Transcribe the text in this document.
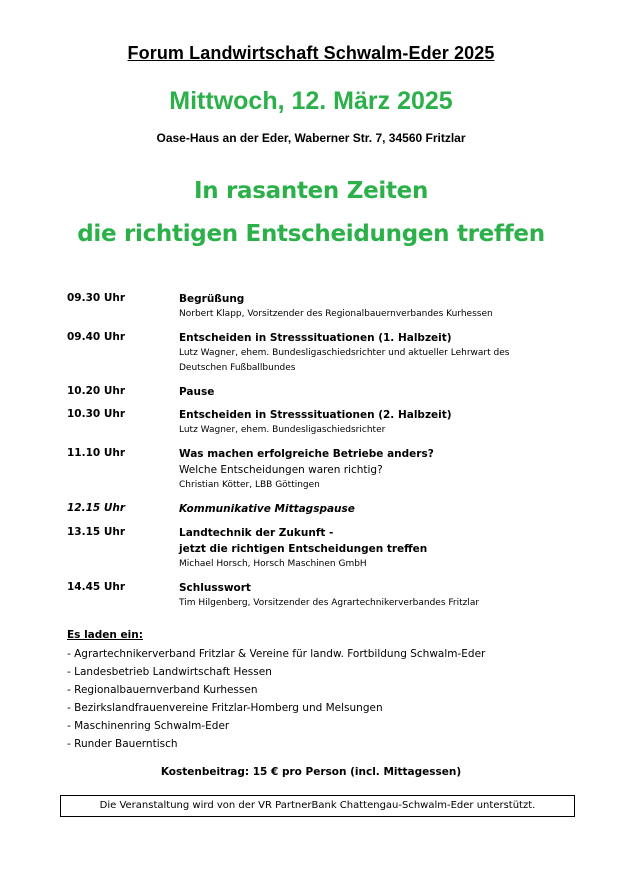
Forum Landwirtschaft Schwalm-Eder 2025
Mittwoch, 12. März 2025
Oase-Haus an der Eder, Waberner Str. 7, 34560 Fritzlar
In rasanten Zeiten
die richtigen Entscheidungen treffen
09.30 Uhr	Begrüßung
Norbert Klapp, Vorsitzender des Regionalbauernverbandes Kurhessen
09.40 Uhr	Entscheiden in Stresssituationen (1. Halbzeit)
Lutz Wagner, ehem. Bundesligaschiedsrichter und aktueller Lehrwart des
Deutschen Fußballbundes
10.20 Uhr	Pause
10.30 Uhr	Entscheiden in Stresssituationen (2. Halbzeit)
Lutz Wagner, ehem. Bundesligaschiedsrichter
11.10 Uhr	Was machen erfolgreiche Betriebe anders?
Welche Entscheidungen waren richtig?
Christian Kötter, LBB Göttingen
12.15 Uhr	Kommunikative Mittagspause
13.15 Uhr	Landtechnik der Zukunft -
jetzt die richtigen Entscheidungen treffen
Michael Horsch, Horsch Maschinen GmbH
14.45 Uhr	Schlusswort
Tim Hilgenberg, Vorsitzender des Agrartechnikerverbandes Fritzlar
Es laden ein:
- Agrartechnikerverband Fritzlar & Vereine für landw. Fortbildung Schwalm-Eder
- Landesbetrieb Landwirtschaft Hessen
- Regionalbauernverband Kurhessen
- Bezirkslandfrauenvereine Fritzlar-Homberg und Melsungen
- Maschinenring Schwalm-Eder
- Runder Bauerntisch
Kostenbeitrag: 15 € pro Person (incl. Mittagessen)
Die Veranstaltung wird von der VR PartnerBank Chattengau-Schwalm-Eder unterstützt.
